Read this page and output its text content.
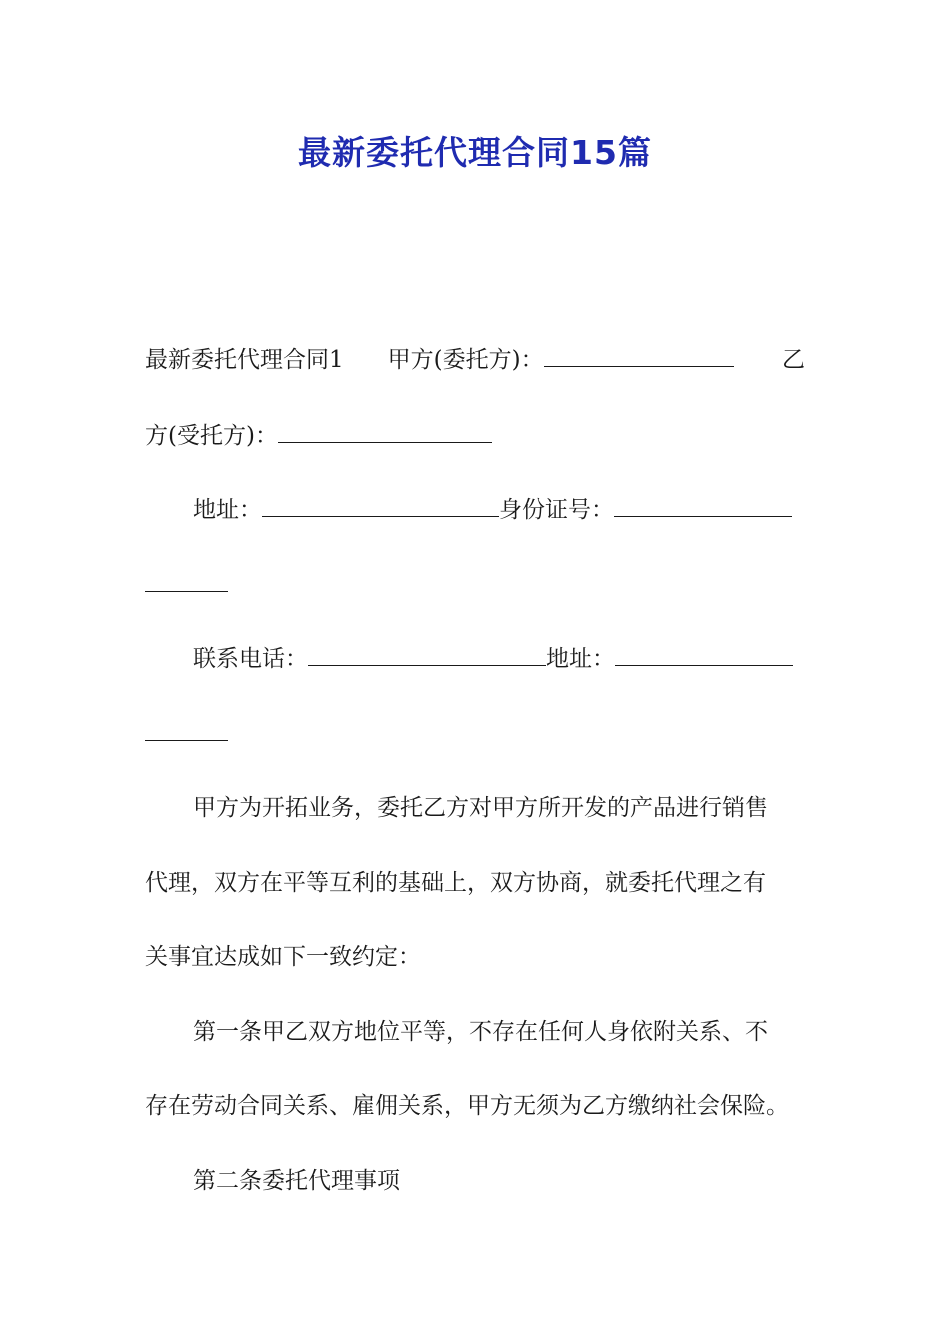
最新委托代理合同15篇
最新委托代理合同1 甲方(委托方)：	乙
方(受托方)：
地址：	身份证号：
联系电话：	地址：
甲方为开拓业务，委托乙方对甲方所开发的产品进行销售
代理，双方在平等互利的基础上，双方协商，就委托代理之有
关事宜达成如下一致约定：
第一条甲乙双方地位平等，不存在任何人身依附关系、不
存在劳动合同关系、雇佣关系，甲方无须为乙方缴纳社会保险。
第二条委托代理事项
